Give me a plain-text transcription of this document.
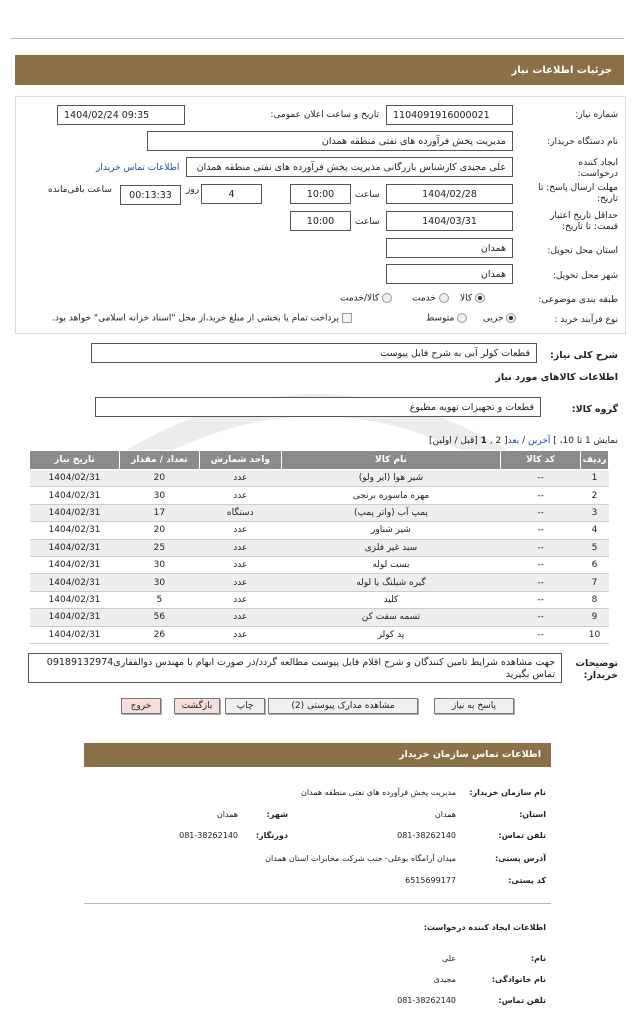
جزئیات اطلاعات نیاز
شماره نیاز:
1104091916000021
تاریخ و ساعت اعلان عمومی:
1404/02/24 09:35
نام دستگاه خریدار:
مدیریت پخش فرآورده های نفتی منطقه همدان
ایجاد کننده درخواست:
علی مجیدی کارشناس بازرگانی مدیریت پخش فرآورده های نفتی منطقه همدان
اطلاعات تماس خریدار
مهلت ارسال پاسخ: تا تاریخ:
1404/02/28
ساعت
10:00
4
روز
00:13:33
ساعت باقی‌مانده
حداقل تاریخ اعتبار قیمت: تا تاریخ:
1404/03/31
ساعت
10:00
استان محل تحویل:
همدان
شهر محل تحویل:
همدان
طبقه بندی موضوعی:
کالا
خدمت
کالا/خدمت
نوع فرآیند خرید :
جزیی
متوسط
پرداخت تمام یا بخشی از مبلغ خرید،از محل "اسناد خزانه اسلامی" خواهد بود.
شرح کلی نیاز:
قطعات کولر آبی به شرح فایل پیوست
اطلاعات کالاهای مورد نیاز
گروه کالا:
قطعات و تجهیزات تهویه مطبوع
نمایش 1 تا 10، ] آخرین / بعد[ 2 , 1 [قبل / اولین]
ردیف	کد کالا	نام کالا	واحد شمارش	تعداد / مقدار	تاریخ نیاز
1	--	شیر هوا (ایر ولو)	عدد	20	1404/02/31
2	--	مهره ماسوره برنجی	عدد	30	1404/02/31
3	--	پمپ آب (واتر پمپ)	دستگاه	17	1404/02/31
4	--	شیر شناور	عدد	20	1404/02/31
5	--	سبد غیر فلزی	عدد	25	1404/02/31
6	--	بست لوله	عدد	30	1404/02/31
7	--	گیره شیلنگ یا لوله	عدد	30	1404/02/31
8	--	کلید	عدد	5	1404/02/31
9	--	تسمه سفت کن	عدد	56	1404/02/31
10	--	پد کولر	عدد	26	1404/02/31
توضیحات خریدار:
جهت مشاهده شرایط تامین کنندگان و شرح اقلام فایل پیوست مطالعه گردد/در صورت ابهام با مهندس ذوالفقاری09189132974 تماس بگیرید
پاسخ به نیاز
مشاهده مدارک پیوستی (2)
چاپ
بازگشت
خروج
اطلاعات تماس سازمان خریدار
نام سازمان خریدار:
مدیریت پخش فرآورده های نفتی منطقه همدان
استان:
همدان
شهر:
همدان
تلفن تماس:
081-38262140
دورنگار:
081-38262140
آدرس پستی:
میدان آرامگاه بوعلی- جنب شرکت مخابرات استان همدان
کد پستی:
6515699177
اطلاعات ایجاد کننده درخواست:
نام:
علی
نام خانوادگی:
مجیدی
تلفن تماس:
081-38262140
